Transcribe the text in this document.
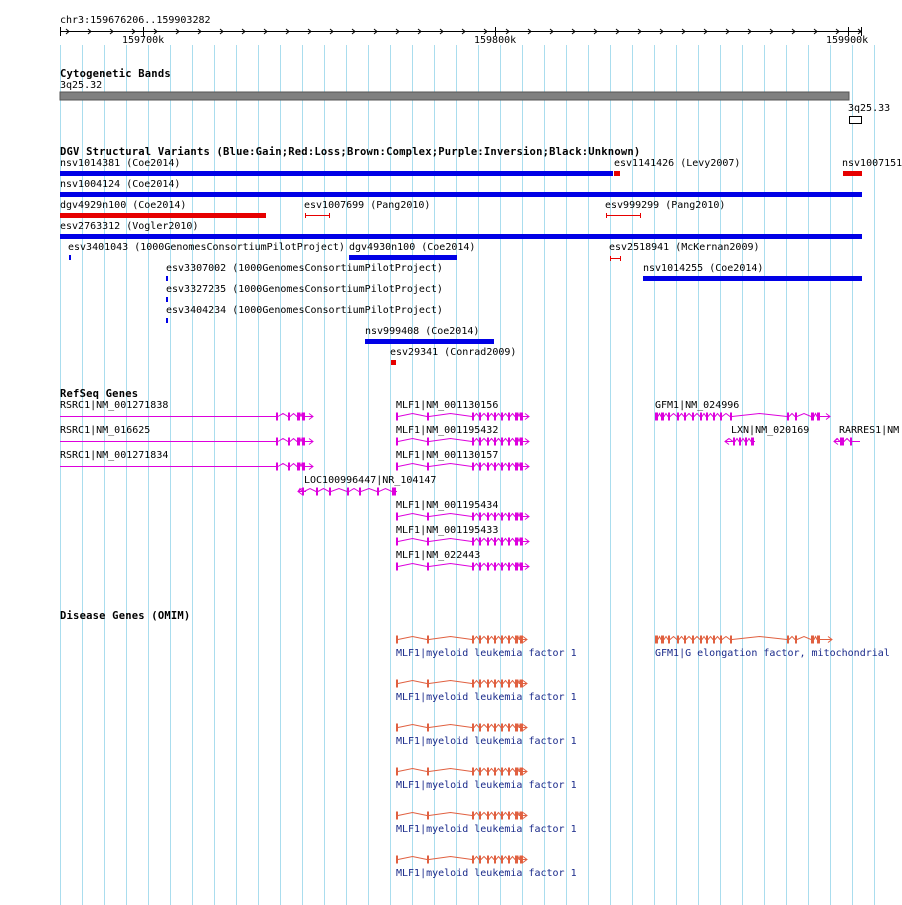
chr3:159676206..159903282
159700k	159800k	159900k
Cytogenetic Bands
3q25.32
3q25.33
DGV Structural Variants (Blue:Gain;Red:Loss;Brown:Complex;Purple:Inversion;Black:Unknown)
nsv1014381 (Coe2014)	esv1141426 (Levy2007)	nsv1007151
nsv1004124 (Coe2014)
dgv4929n100 (Coe2014)	esv1007699 (Pang2010)	esv999299 (Pang2010)
esv2763312 (Vogler2010)
esv3401043 (1000GenomesConsortiumPilotProject) dgv4930n100 (Coe2014)	esv2518941 (McKernan2009)
esv3307002 (1000GenomesConsortiumPilotProject)	nsv1014255 (Coe2014)
esv3327235 (1000GenomesConsortiumPilotProject)
esv3404234 (1000GenomesConsortiumPilotProject)
nsv999408 (Coe2014)
esv29341 (Conrad2009)
RefSeq Genes
RSRC1|NM_001271838
RSRC1|NM_016625
RSRC1|NM_001271834
LOC100996447|NR_104147
MLF1|NM_001130156
MLF1|NM_001195432
MLF1|NM_001130157
MLF1|NM_001195434
MLF1|NM_001195433
MLF1|NM_022443
GFM1|NM_024996
LXN|NM_020169	RARRES1|NM
Disease Genes (OMIM)
MLF1|myeloid leukemia factor 1	GFM1|G elongation factor, mitochondrial
MLF1|myeloid leukemia factor 1
MLF1|myeloid leukemia factor 1
MLF1|myeloid leukemia factor 1
MLF1|myeloid leukemia factor 1
MLF1|myeloid leukemia factor 1
